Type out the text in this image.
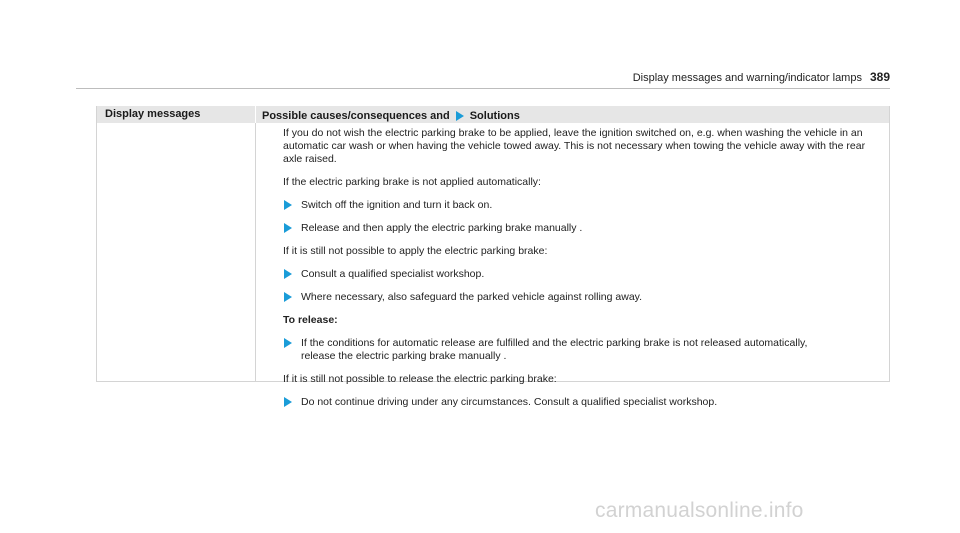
Display messages and warning/indicator lamps 389
Display messages	Possible causes/consequences and Solutions

If you do not wish the electric parking brake to be applied, leave the ignition switched on, e.g. when washing the vehicle in an automatic car wash or when having the vehicle towed away. This is not necessary when towing the vehicle away with the rear axle raised.

If the electric parking brake is not applied automatically:

Switch off the ignition and turn it back on.
Release and then apply the electric parking brake manually .

If it is still not possible to apply the electric parking brake:

Consult a qualified specialist workshop.
Where necessary, also safeguard the parked vehicle against rolling away.
To release:
If the conditions for automatic release are fulfilled and the electric parking brake is not released automatically,
release the electric parking brake manually .

If it is still not possible to release the electric parking brake:

Do not continue driving under any circumstances. Consult a qualified specialist workshop.
carmanualsonline.info
